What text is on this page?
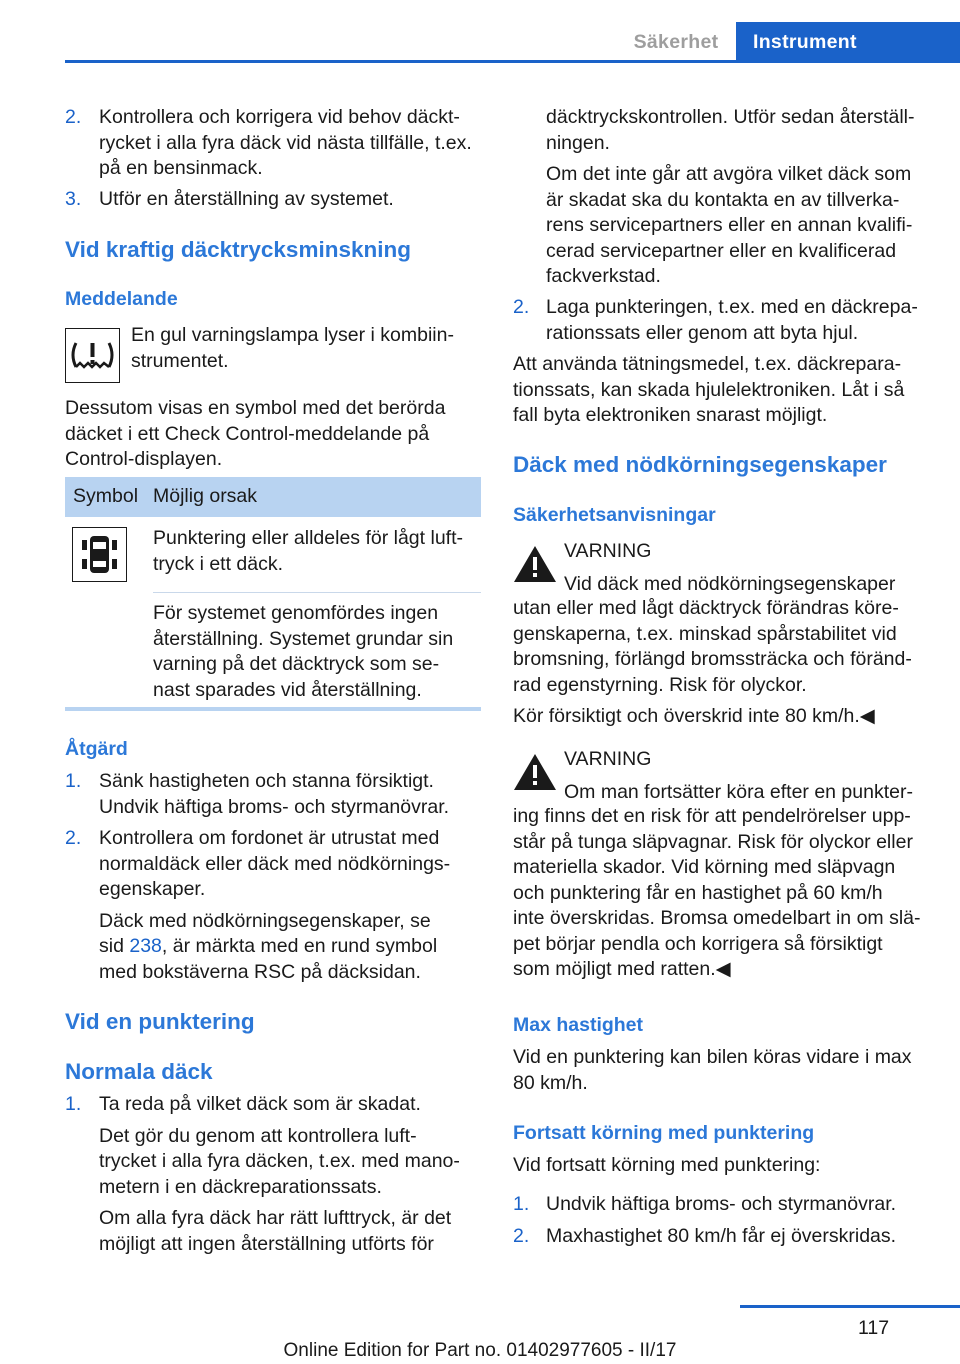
Säkerhet	Instrument
2. Kontrollera och korrigera vid behov däckt‐
rycket i alla fyra däck vid nästa tillfälle, t.ex.
på en bensinmack.
3. Utför en återställning av systemet.
Vid kraftig däcktrycksminskning
Meddelande
En gul varningslampa lyser i kombiin‐
strumentet.
Dessutom visas en symbol med det berörda
däcket i ett Check Control-meddelande på
Control-displayen.
Symbol Möjlig orsak
Punktering eller alldeles för lågt luft‐
tryck i ett däck.
För systemet genomfördes ingen
återställning. Systemet grundar sin
varning på det däcktryck som se‐
nast sparades vid återställning.
Åtgärd
1. Sänk hastigheten och stanna försiktigt.
Undvik häftiga broms- och styrmanövrar.
2. Kontrollera om fordonet är utrustat med
normaldäck eller däck med nödkörnings‐
egenskaper.
Däck med nödkörningsegenskaper, se
sid 238, är märkta med en rund symbol
med bokstäverna RSC på däcksidan.
Vid en punktering
Normala däck
1. Ta reda på vilket däck som är skadat.
Det gör du genom att kontrollera luft‐
trycket i alla fyra däcken, t.ex. med mano‐
metern i en däckreparationssats.
Om alla fyra däck har rätt lufttryck, är det
möjligt att ingen återställning utförts för
däcktryckskontrollen. Utför sedan återställ‐
ningen.
Om det inte går att avgöra vilket däck som
är skadat ska du kontakta en av tillverka‐
rens servicepartners eller en annan kvalifi‐
cerad servicepartner eller en kvalificerad
fackverkstad.
2. Laga punkteringen, t.ex. med en däckrepa‐
rationssats eller genom att byta hjul.
Att använda tätningsmedel, t.ex. däckrepara‐
tionssats, kan skada hjulelektroniken. Låt i så
fall byta elektroniken snarast möjligt.
Däck med nödkörningsegenskaper
Säkerhetsanvisningar
VARNING
Vid däck med nödkörningsegenskaper
utan eller med lågt däcktryck förändras köre‐
genskaperna, t.ex. minskad spårstabilitet vid
bromsning, förlängd bromssträcka och föränd‐
rad egenstyrning. Risk för olyckor.
Kör försiktigt och överskrid inte 80 km/h.◀
VARNING
Om man fortsätter köra efter en punkter‐
ing finns det en risk för att pendelrörelser upp‐
står på tunga släpvagnar. Risk för olyckor eller
materiella skador. Vid körning med släpvagn
och punktering får en hastighet på 60 km/h
inte överskridas. Bromsa omedelbart in om slä‐
pet börjar pendla och korrigera så försiktigt
som möjligt med ratten.◀
Max hastighet
Vid en punktering kan bilen köras vidare i max
80 km/h.
Fortsatt körning med punktering
Vid fortsatt körning med punktering:
1. Undvik häftiga broms- och styrmanövrar.
2. Maxhastighet 80 km/h får ej överskridas.
117
Online Edition for Part no. 01402977605 - II/17
